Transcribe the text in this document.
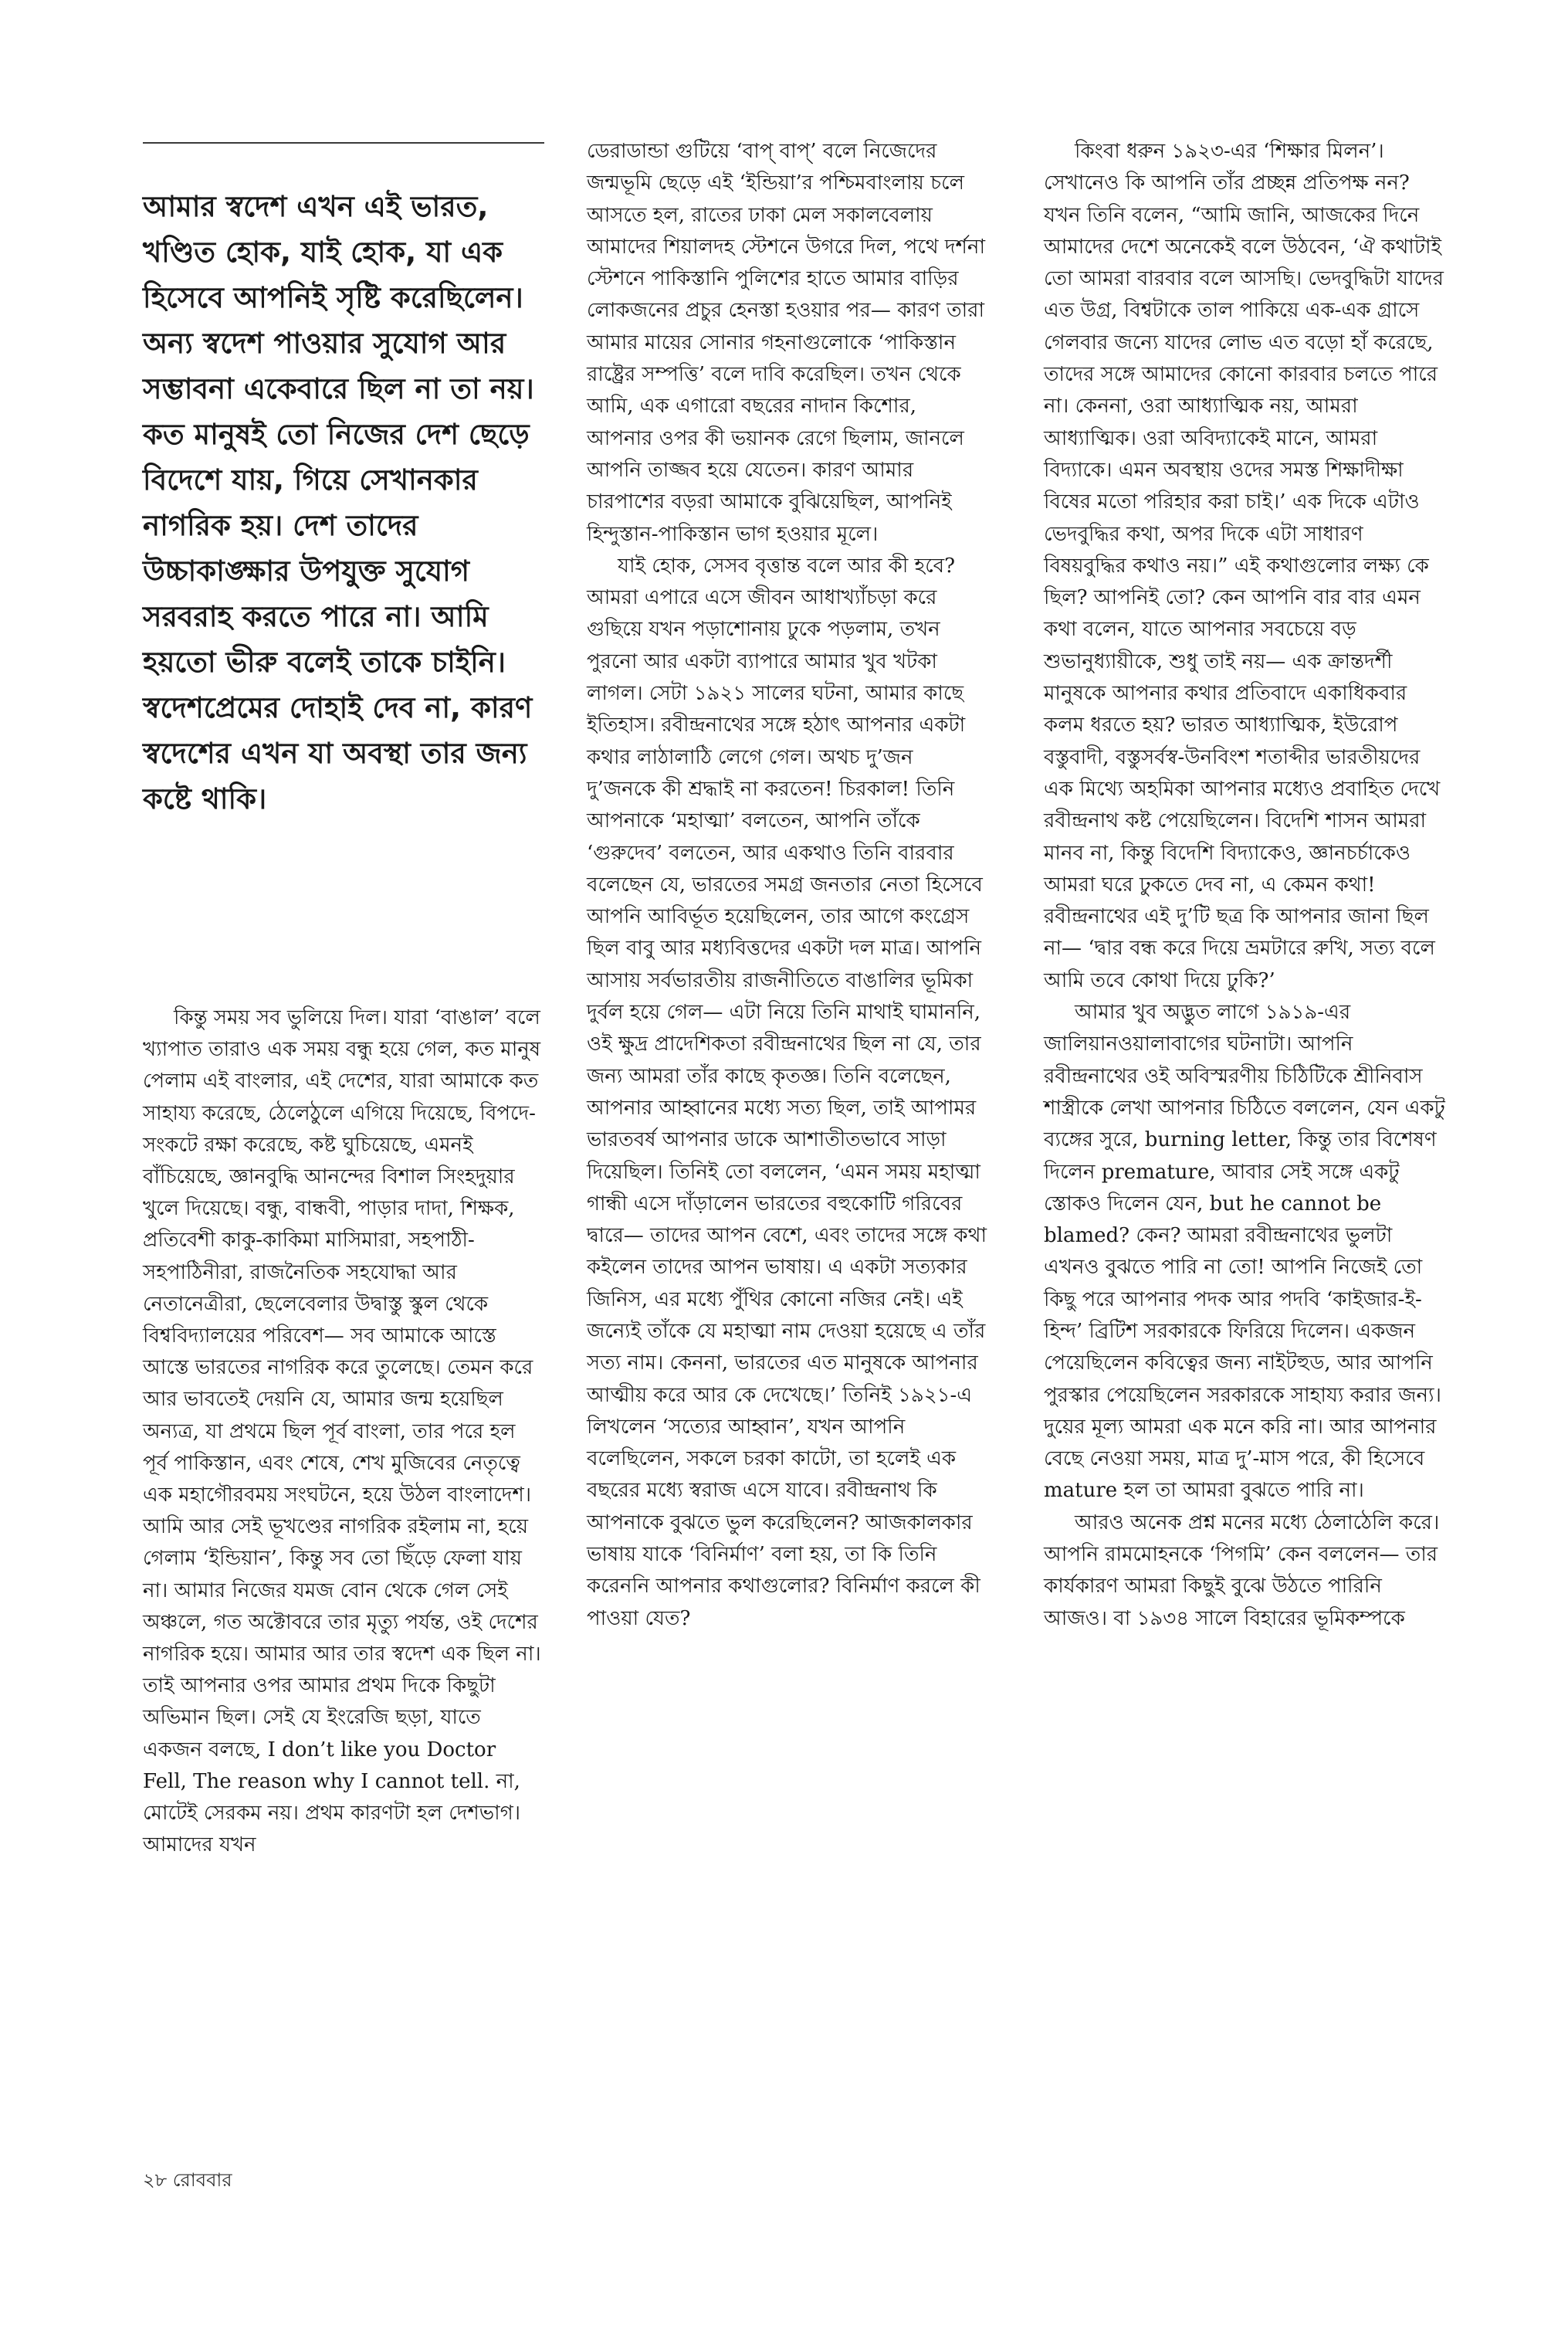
আমার স্বদেশ এখন এই ভারত, খণ্ডিত হোক, যাই হোক, যা এক হিসেবে আপনিই সৃষ্টি করেছিলেন। অন্য স্বদেশ পাওয়ার সুযোগ আর সম্ভাবনা একেবারে ছিল না তা নয়। কত মানুষই তো নিজের দেশ ছেড়ে বিদেশে যায়, গিয়ে সেখানকার নাগরিক হয়। দেশ তাদের উচ্চাকাঙ্ক্ষার উপযুক্ত সুযোগ সরবরাহ করতে পারে না। আমি হয়তো ভীরু বলেই তাকে চাইনি। স্বদেশপ্রেমের দোহাই দেব না, কারণ স্বদেশের এখন যা অবস্থা তার জন্য কষ্টে থাকি।

কিন্তু সময় সব ভুলিয়ে দিল। যারা ‘বাঙাল’ বলে খ্যাপাত তারাও এক সময় বন্ধু হয়ে গেল, কত মানুষ পেলাম এই বাংলার, এই দেশের, যারা আমাকে কত সাহায্য করেছে, ঠেলেঠুলে এগিয়ে দিয়েছে, বিপদে-সংকটে রক্ষা করেছে, কষ্ট ঘুচিয়েছে, এমনই বাঁচিয়েছে, জ্ঞানবুদ্ধি আনন্দের বিশাল সিংহদুয়ার খুলে দিয়েছে। বন্ধু, বান্ধবী, পাড়ার দাদা, শিক্ষক, প্রতিবেশী কাকু-কাকিমা মাসিমারা, সহপাঠী-সহপাঠিনীরা, রাজনৈতিক সহযোদ্ধা আর নেতানেত্রীরা, ছেলেবেলার উদ্বাস্তু স্কুল থেকে বিশ্ববিদ্যালয়ের পরিবেশ— সব আমাকে আস্তে আস্তে ভারতের নাগরিক করে তুলেছে। তেমন করে আর ভাবতেই দেয়নি যে, আমার জন্ম হয়েছিল অন্যত্র, যা প্রথমে ছিল পূর্ব বাংলা, তার পরে হল পূর্ব পাকিস্তান, এবং শেষে, শেখ মুজিবের নেতৃত্বে এক মহাগৌরবময় সংঘটনে, হয়ে উঠল বাংলাদেশ। আমি আর সেই ভূখণ্ডের নাগরিক রইলাম না, হয়ে গেলাম ‘ইন্ডিয়ান’, কিন্তু সব তো ছিঁড়ে ফেলা যায় না। আমার নিজের যমজ বোন থেকে গেল সেই অঞ্চলে, গত অক্টোবরে তার মৃত্যু পর্যন্ত, ওই দেশের নাগরিক হয়ে। আমার আর তার স্বদেশ এক ছিল না। তাই আপনার ওপর আমার প্রথম দিকে কিছুটা অভিমান ছিল। সেই যে ইংরেজি ছড়া, যাতে একজন বলছে, I don’t like you Doctor Fell, The reason why I cannot tell. না, মোটেই সেরকম নয়। প্রথম কারণটা হল দেশভাগ। আমাদের যখন

ডেরাডান্ডা গুটিয়ে ‘বাপ্ বাপ্’ বলে নিজেদের জন্মভূমি ছেড়ে এই ‘ইন্ডিয়া’র পশ্চিমবাংলায় চলে আসতে হল, রাতের ঢাকা মেল সকালবেলায় আমাদের শিয়ালদহ স্টেশনে উগরে দিল, পথে দর্শনা স্টেশনে পাকিস্তানি পুলিশের হাতে আমার বাড়ির লোকজনের প্রচুর হেনস্তা হওয়ার পর— কারণ তারা আমার মায়ের সোনার গহনাগুলোকে ‘পাকিস্তান রাষ্ট্রের সম্পত্তি’ বলে দাবি করেছিল। তখন থেকে আমি, এক এগারো বছরের নাদান কিশোর, আপনার ওপর কী ভয়ানক রেগে ছিলাম, জানলে আপনি তাজ্জব হয়ে যেতেন। কারণ আমার চারপাশের বড়রা আমাকে বুঝিয়েছিল, আপনিই হিন্দুস্তান-পাকিস্তান ভাগ হওয়ার মূলে।

যাই হোক, সেসব বৃত্তান্ত বলে আর কী হবে? আমরা এপারে এসে জীবন আধাখ্যাঁচড়া করে গুছিয়ে যখন পড়াশোনায় ঢুকে পড়লাম, তখন পুরনো আর একটা ব্যাপারে আমার খুব খটকা লাগল। সেটা ১৯২১ সালের ঘটনা, আমার কাছে ইতিহাস। রবীন্দ্রনাথের সঙ্গে হঠাৎ আপনার একটা কথার লাঠালাঠি লেগে গেল। অথচ দু’জন দু’জনকে কী শ্রদ্ধাই না করতেন! চিরকাল! তিনি আপনাকে ‘মহাত্মা’ বলতেন, আপনি তাঁকে ‘গুরুদেব’ বলতেন, আর একথাও তিনি বারবার বলেছেন যে, ভারতের সমগ্র জনতার নেতা হিসেবে আপনি আবির্ভূত হয়েছিলেন, তার আগে কংগ্রেস ছিল বাবু আর মধ্যবিত্তদের একটা দল মাত্র। আপনি আসায় সর্বভারতীয় রাজনীতিতে বাঙালির ভূমিকা দুর্বল হয়ে গেল— এটা নিয়ে তিনি মাথাই ঘামাননি, ওই ক্ষুদ্র প্রাদেশিকতা রবীন্দ্রনাথের ছিল না যে, তার জন্য আমরা তাঁর কাছে কৃতজ্ঞ। তিনি বলেছেন, আপনার আহ্বানের মধ্যে সত্য ছিল, তাই আপামর ভারতবর্ষ আপনার ডাকে আশাতীতভাবে সাড়া দিয়েছিল। তিনিই তো বললেন, ‘এমন সময় মহাত্মা গান্ধী এসে দাঁড়ালেন ভারতের বহুকোটি গরিবের দ্বারে— তাদের আপন বেশে, এবং তাদের সঙ্গে কথা কইলেন তাদের আপন ভাষায়। এ একটা সত্যকার জিনিস, এর মধ্যে পুঁথির কোনো নজির নেই। এই জন্যেই তাঁকে যে মহাত্মা নাম দেওয়া হয়েছে এ তাঁর সত্য নাম। কেননা, ভারতের এত মানুষকে আপনার আত্মীয় করে আর কে দেখেছে।’ তিনিই ১৯২১-এ লিখলেন ‘সত্যের আহ্বান’, যখন আপনি বলেছিলেন, সকলে চরকা কাটো, তা হলেই এক বছরের মধ্যে স্বরাজ এসে যাবে। রবীন্দ্রনাথ কি আপনাকে বুঝতে ভুল করেছিলেন? আজকালকার ভাষায় যাকে ‘বিনির্মাণ’ বলা হয়, তা কি তিনি করেননি আপনার কথাগুলোর? বিনির্মাণ করলে কী পাওয়া যেত?

কিংবা ধরুন ১৯২৩-এর ‘শিক্ষার মিলন’। সেখানেও কি আপনি তাঁর প্রচ্ছন্ন প্রতিপক্ষ নন? যখন তিনি বলেন, “আমি জানি, আজকের দিনে আমাদের দেশে অনেকেই বলে উঠবেন, ‘ঐ কথাটাই তো আমরা বারবার বলে আসছি। ভেদবুদ্ধিটা যাদের এত উগ্র, বিশ্বটাকে তাল পাকিয়ে এক-এক গ্রাসে গেলবার জন্যে যাদের লোভ এত বড়ো হাঁ করেছে, তাদের সঙ্গে আমাদের কোনো কারবার চলতে পারে না। কেননা, ওরা আধ্যাত্মিক নয়, আমরা আধ্যাত্মিক। ওরা অবিদ্যাকেই মানে, আমরা বিদ্যাকে। এমন অবস্থায় ওদের সমস্ত শিক্ষাদীক্ষা বিষের মতো পরিহার করা চাই।’ এক দিকে এটাও ভেদবুদ্ধির কথা, অপর দিকে এটা সাধারণ বিষয়বুদ্ধির কথাও নয়।” এই কথাগুলোর লক্ষ্য কে ছিল? আপনিই তো? কেন আপনি বার বার এমন কথা বলেন, যাতে আপনার সবচেয়ে বড় শুভানুধ্যায়ীকে, শুধু তাই নয়— এক ক্রান্তদর্শী মানুষকে আপনার কথার প্রতিবাদে একাধিকবার কলম ধরতে হয়? ভারত আধ্যাত্মিক, ইউরোপ বস্তুবাদী, বস্তুসর্বস্ব-উনবিংশ শতাব্দীর ভারতীয়দের এক মিথ্যে অহমিকা আপনার মধ্যেও প্রবাহিত দেখে রবীন্দ্রনাথ কষ্ট পেয়েছিলেন। বিদেশি শাসন আমরা মানব না, কিন্তু বিদেশি বিদ্যাকেও, জ্ঞানচর্চাকেও আমরা ঘরে ঢুকতে দেব না, এ কেমন কথা! রবীন্দ্রনাথের এই দু’টি ছত্র কি আপনার জানা ছিল না— ‘দ্বার বন্ধ করে দিয়ে ভ্রমটারে রুখি, সত্য বলে আমি তবে কোথা দিয়ে ঢুকি?’

আমার খুব অদ্ভুত লাগে ১৯১৯-এর জালিয়ানওয়ালাবাগের ঘটনাটা। আপনি রবীন্দ্রনাথের ওই অবিস্মরণীয় চিঠিটিকে শ্রীনিবাস শাস্ত্রীকে লেখা আপনার চিঠিতে বললেন, যেন একটু ব্যঙ্গের সুরে, burning letter, কিন্তু তার বিশেষণ দিলেন premature, আবার সেই সঙ্গে একটু স্তোকও দিলেন যেন, but he cannot be blamed? কেন? আমরা রবীন্দ্রনাথের ভুলটা এখনও বুঝতে পারি না তো! আপনি নিজেই তো কিছু পরে আপনার পদক আর পদবি ‘কাইজার-ই-হিন্দ’ ব্রিটিশ সরকারকে ফিরিয়ে দিলেন। একজন পেয়েছিলেন কবিত্বের জন্য নাইটহুড, আর আপনি পুরস্কার পেয়েছিলেন সরকারকে সাহায্য করার জন্য। দুয়ের মূল্য আমরা এক মনে করি না। আর আপনার বেছে নেওয়া সময়, মাত্র দু’-মাস পরে, কী হিসেবে mature হল তা আমরা বুঝতে পারি না।

আরও অনেক প্রশ্ন মনের মধ্যে ঠেলাঠেলি করে। আপনি রামমোহনকে ‘পিগমি’ কেন বললেন— তার কার্যকারণ আমরা কিছুই বুঝে উঠতে পারিনি আজও। বা ১৯৩৪ সালে বিহারের ভূমিকম্পকে

২৮ রোববার
